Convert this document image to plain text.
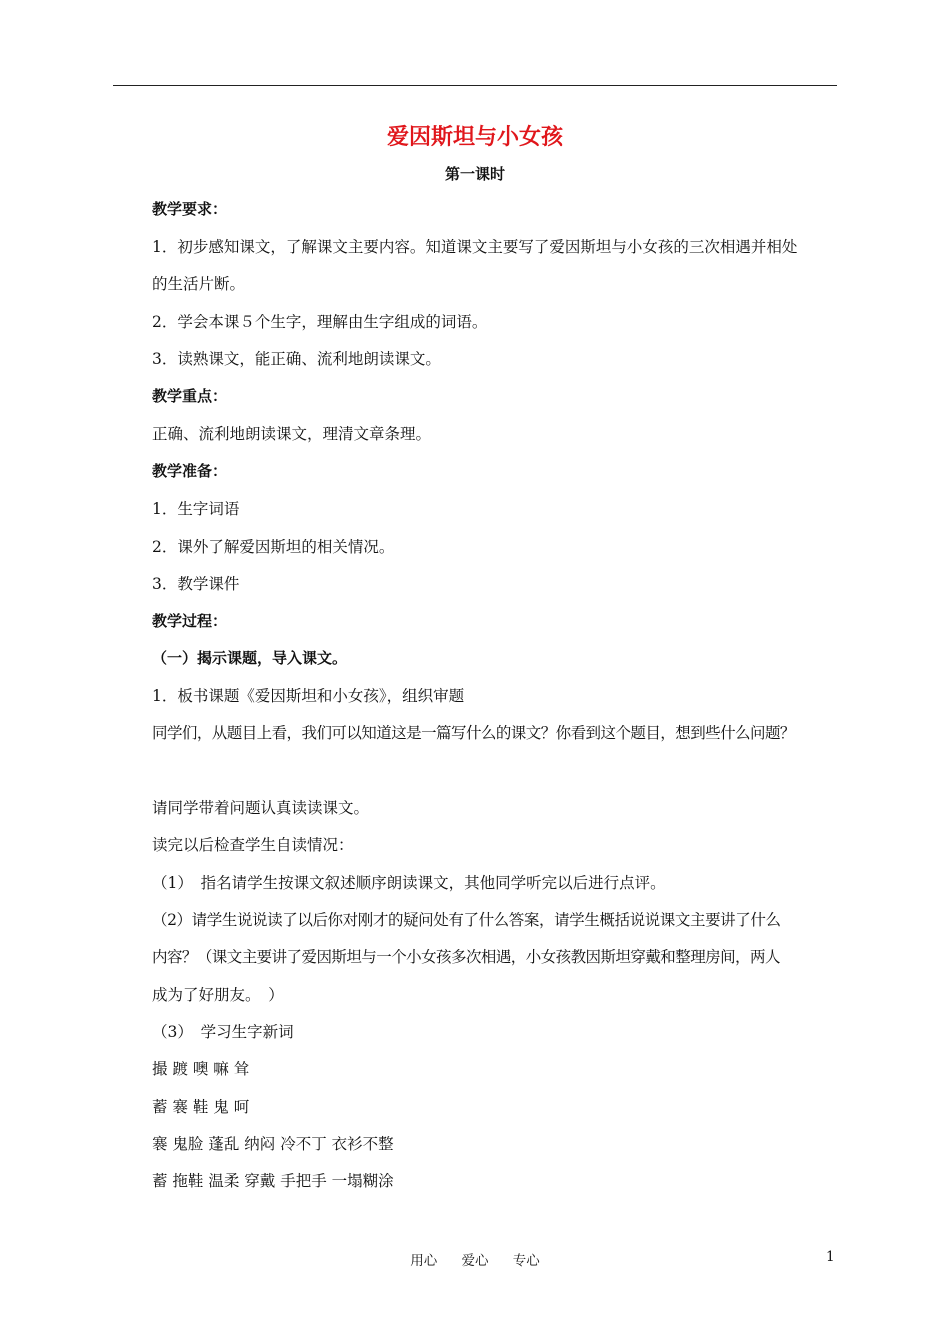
爱因斯坦与小女孩
第一课时
教学要求：
1．初步感知课文，了解课文主要内容。知道课文主要写了爱因斯坦与小女孩的三次相遇并相处
的生活片断。
2．学会本课５个生字，理解由生字组成的词语。
3．读熟课文，能正确、流利地朗读课文。
教学重点：
正确、流利地朗读课文，理清文章条理。
教学准备：
1．生字词语
2．课外了解爱因斯坦的相关情况。
3．教学课件
教学过程：
（一）揭示课题，导入课文。
1．板书课题《爱因斯坦和小女孩》，组织审题
同学们，从题目上看，我们可以知道这是一篇写什么的课文？你看到这个题目，想到些什么问题？
请同学带着问题认真读读课文。
读完以后检查学生自读情况：
（1）　指名请学生按课文叙述顺序朗读课文，其他同学听完以后进行点评。
（2）请学生说说读了以后你对刚才的疑问处有了什么答案，请学生概括说说课文主要讲了什么
内容？（课文主要讲了爱因斯坦与一个小女孩多次相遇，小女孩教因斯坦穿戴和整理房间，两人
成为了好朋友。　）
（3）　学习生字新词
撮 踱 噢 嘛 耸
蓄 褰 鞋 鬼 呵
褰 鬼脸 蓬乱 纳闷 冷不丁 衣衫不整
蓄 拖鞋 温柔 穿戴 手把手 一塌糊涂
用心 爱心 专心	1
